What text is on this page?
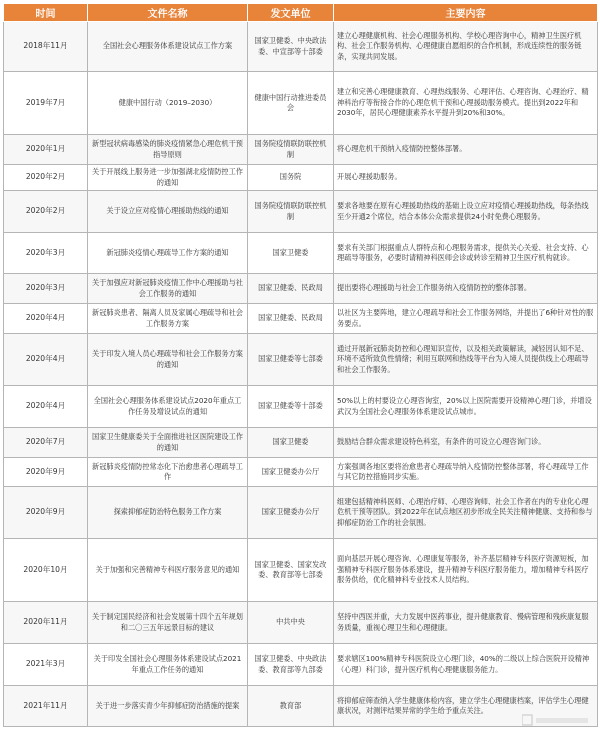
时间	文件名称	发文单位	主要内容
2018年11月	全国社会心理服务体系建设试点工作方案	国家卫健委、中央政法委、中宣部等十部委	建立心理健康机构、社会心理服务机构、学校心理咨询中心，精神卫生医疗机构、社会工作服务机构、心理健康自愿组织的合作机制，形成连续性的服务链条，实现共同发展。
2019年7月	健康中国行动（2019–2030）	健康中国行动推进委员会	建立和完善心理健康教育、心理热线服务、心理评估、心理咨询、心理治疗、精神科治疗等衔接合作的心理危机干预和心理援助服务模式。提出到2022年和2030年，居民心理健康素养水平提升到20%和30%。
2020年1月	新型冠状病毒感染的肺炎疫情紧急心理危机干预指导原则	国务院疫情联防联控机制	将心理危机干预纳入疫情防控整体部署。
2020年2月	关于开展线上服务进一步加强湖北疫情防控工作的通知	国务院	开展心理援助服务。
2020年2月	关于设立应对疫情心理援助热线的通知	国务院疫情联防联控机制	要求各地要在原有心理援助热线的基础上设立应对疫情心理援助热线，每条热线至少开通2个席位，结合本体公众需求提供24小时免费心理服务。
2020年3月	新冠肺炎疫情心理疏导工作方案的通知	国家卫健委	要求有关部门根据重点人群特点和心理服务需求，提供关心关爱、社会支持、心理疏导等服务，必要时请精神科医师会诊或转诊至精神卫生医疗机构就诊。
2020年3月	关于加强应对新冠肺炎疫情工作中心理援助与社会工作服务的通知	国家卫健委、民政局	提出要将心理援助与社会工作服务纳入疫情防控的整体部署。
2020年4月	新冠肺炎患者、隔离人员及家属心理疏导和社会工作服务方案	国家卫健委、民政局	以社区为主要阵地，建立心理疏导和社会工作服务网络，并提出了6种针对性的服务要点。
2020年4月	关于印发入境人员心理疏导和社会工作服务方案的通知	国家卫健委等七部委	通过开展新冠肺炎防控和心理知识宣传，以及相关政策解读，减轻因认知不足、环境不适所致负性情绪；利用互联网和热线等平台为入境人员提供线上心理疏导和社会工作服务。
2020年4月	全国社会心理服务体系建设试点2020年重点工作任务及增设试点的通知	国家卫健委等十部委	50%以上的村要设立心理咨询室，20%以上医院需要开设精神心理门诊，并增设武汉为全国社会心理服务体系建设试点城市。
2020年7月	国家卫生健康委关于全面推进社区医院建设工作的通知	国家卫健委	鼓励结合群众需求建设特色科室，有条件的可设立心理咨询门诊。
2020年9月	新冠肺炎疫情防控常态化下治愈患者心理疏导工作	国家卫健委办公厅	方案强调各地区要将治愈患者心理疏导纳入疫情防控整体部署，将心理疏导工作与其它防控措施同步实施。
2020年9月	探索抑郁症防治特色服务工作方案	国家卫健委办公厅	组建包括精神科医师、心理治疗师、心理咨询师、社会工作者在内的专业化心理危机干预等团队。到2022年在试点地区初步形成全民关注精神健康、支持和参与抑郁症防治工作的社会氛围。
2020年10月	关于加强和完善精神专科医疗服务意见的通知	国家卫健委、国家发改委、教育部等七部委	面向基层开展心理咨询、心理康复等服务，补齐基层精神专科医疗资源短板，加强精神专科医疗服务体系建设，提升精神专科医疗服务能力，增加精神专科医疗服务供给，优化精神科专业技术人员结构。
2020年11月	关于制定国民经济和社会发展第十四个五年规划和二〇三五年远景目标的建议	中共中央	坚持中西医并重，大力发展中医药事业，提升健康教育、慢病管理和残疾康复服务质量，重视心理卫生和心理健康。
2021年3月	关于印发全国社会心理服务体系建设试点2021年重点工作任务的通知	国家卫健委、中央政法委、教育部等九部委	要求辖区100%精神专科医院设立心理门诊，40%的二级以上综合医院开设精神（心理）科门诊，提升医疗机构心理健康服务能力。
2021年11月	关于进一步落实青少年抑郁症防治措施的提案	教育部	将抑郁症筛查纳入学生健康体检内容，建立学生心理健康档案，评估学生心理健康状况，对测评结果异常的学生给予重点关注。
